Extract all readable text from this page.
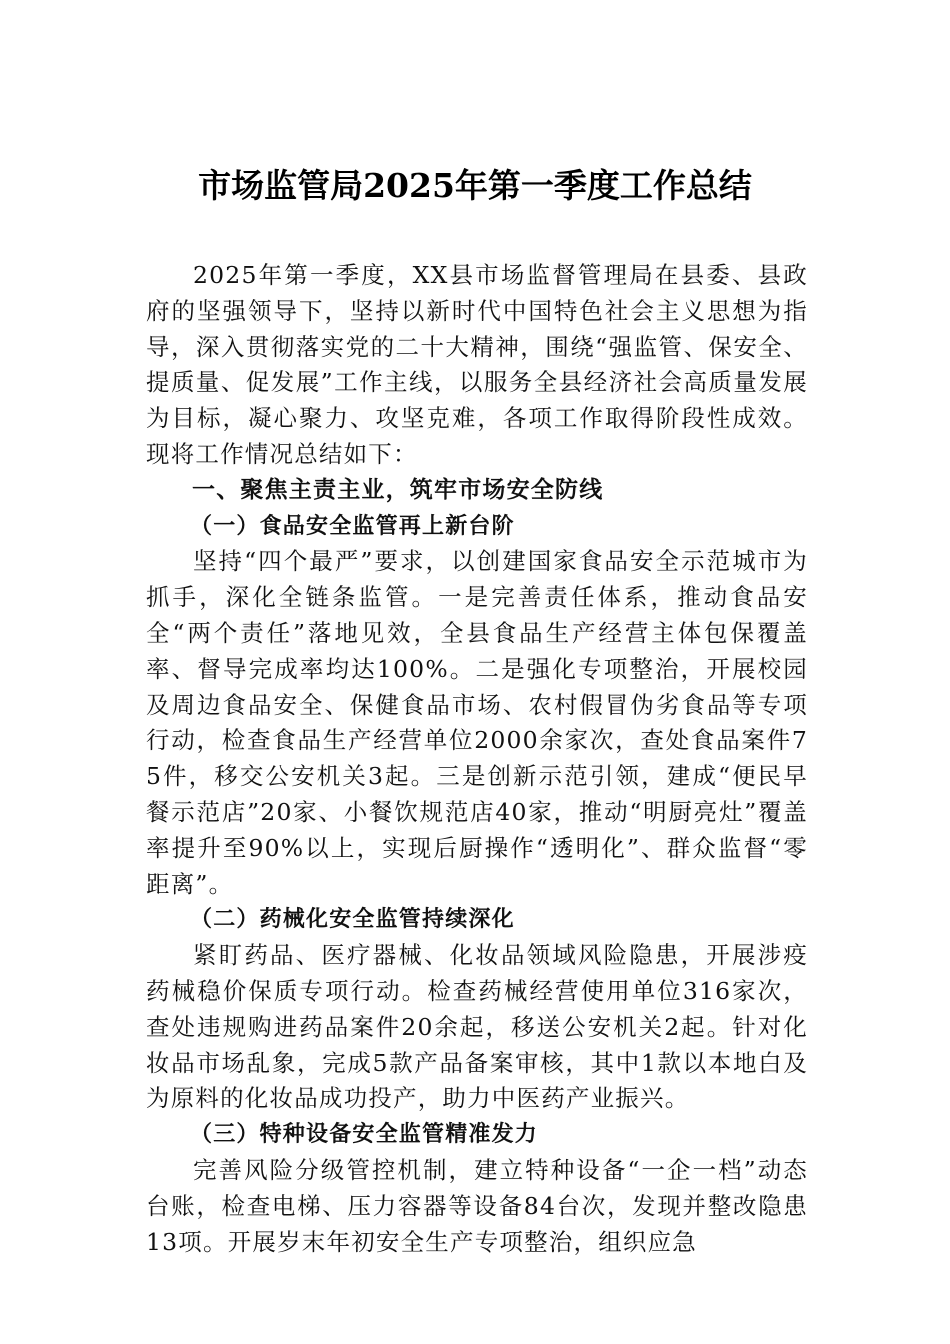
市场监管局2025年第一季度工作总结

2025年第一季度，XX县市场监督管理局在县委、县政府的坚强领导下，坚持以新时代中国特色社会主义思想为指导，深入贯彻落实党的二十大精神，围绕“强监管、保安全、提质量、促发展”工作主线，以服务全县经济社会高质量发展为目标，凝心聚力、攻坚克难，各项工作取得阶段性成效。现将工作情况总结如下：

一、聚焦主责主业，筑牢市场安全防线

（一）食品安全监管再上新台阶

坚持“四个最严”要求，以创建国家食品安全示范城市为抓手，深化全链条监管。一是完善责任体系，推动食品安全“两个责任”落地见效，全县食品生产经营主体包保覆盖率、督导完成率均达100%。二是强化专项整治，开展校园及周边食品安全、保健食品市场、农村假冒伪劣食品等专项行动，检查食品生产经营单位2000余家次，查处食品案件75件，移交公安机关3起。三是创新示范引领，建成“便民早餐示范店”20家、小餐饮规范店40家，推动“明厨亮灶”覆盖率提升至90%以上，实现后厨操作“透明化”、群众监督“零距离”。

（二）药械化安全监管持续深化

紧盯药品、医疗器械、化妆品领域风险隐患，开展涉疫药械稳价保质专项行动。检查药械经营使用单位316家次，查处违规购进药品案件20余起，移送公安机关2起。针对化妆品市场乱象，完成5款产品备案审核，其中1款以本地白及为原料的化妆品成功投产，助力中医药产业振兴。

（三）特种设备安全监管精准发力

完善风险分级管控机制，建立特种设备“一企一档”动态台账，检查电梯、压力容器等设备84台次，发现并整改隐患13项。开展岁末年初安全生产专项整治，组织应急
